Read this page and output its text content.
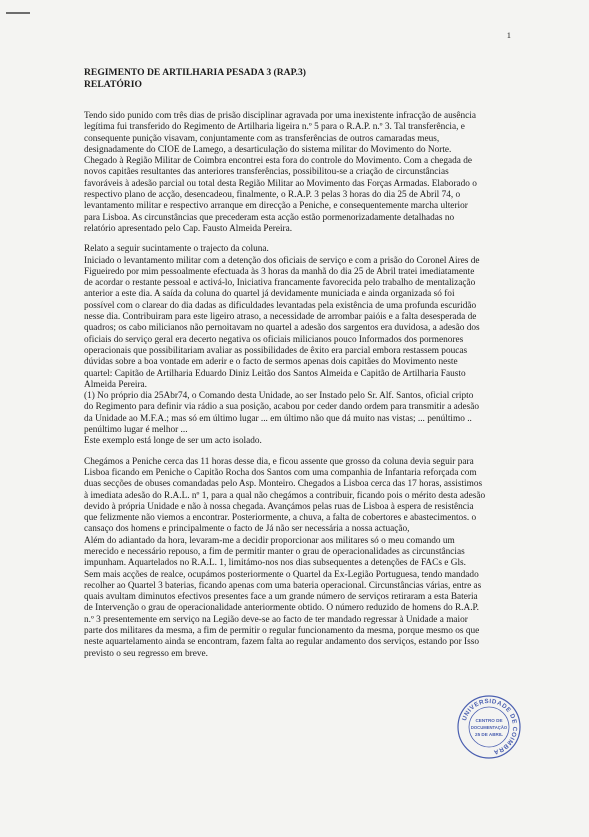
1
REGIMENTO DE ARTILHARIA PESADA 3 (RAP.3)
RELATÓRIO
Tendo sido punido com três dias de prisão disciplinar agravada por uma inexistente infracção de ausência
legítima fui transferido do Regimento de Artilharia ligeira n.º 5 para o R.A.P. n.º 3. Tal transferência, e
consequente punição visavam, conjuntamente com as transferências de outros camaradas meus,
designadamente do CIOE de Lamego, a desarticulação do sistema militar do Movimento do Norte.
Chegado à Região Militar de Coimbra encontrei esta fora do controle do Movimento. Com a chegada de
novos capitães resultantes das anteriores transferências, possibilitou-se a criação de circunstâncias
favoráveis à adesão parcial ou total desta Região Militar ao Movimento das Forças Armadas. Elaborado o
respectivo plano de acção, desencadeou, finalmente, o R.A.P. 3 pelas 3 horas do dia 25 de Abril 74, o
levantamento militar e respectivo arranque em direcção a Peniche, e consequentemente marcha ulterior
para Lisboa. As circunstâncias que precederam esta acção estão pormenorizadamente detalhadas no
relatório apresentado pelo Cap. Fausto Almeida Pereira.
Relato a seguir sucintamente o trajecto da coluna.
Iniciado o levantamento militar com a detenção dos oficiais de serviço e com a prisão do Coronel Aires de
Figueiredo por mim pessoalmente efectuada às 3 horas da manhã do dia 25 de Abril tratei imediatamente
de acordar o restante pessoal e activá-lo, Iniciativa francamente favorecida pelo trabalho de mentalização
anterior a este dia. A saída da coluna do quartel já devidamente municiada e ainda organizada só foi
possível com o clarear do dia dadas as dificuldades levantadas pela existência de uma profunda escuridão
nesse dia. Contribuiram para este ligeiro atraso, a necessidade de arrombar paióis e a falta desesperada de
quadros; os cabo milicianos não pernoitavam no quartel a adesão dos sargentos era duvidosa, a adesão dos
oficiais do serviço geral era decerto negativa os oficiais milicianos pouco Informados dos pormenores
operacionais que possibilitariam avaliar as possibilidades de êxito era parcial embora restassem poucas
dúvidas sobre a boa vontade em aderir e o facto de sermos apenas dois capitães do Movimento neste
quartel: Capitão de Artilharia Eduardo Diniz Leitão dos Santos Almeida e Capitão de Artilharia Fausto
Almeida Pereira.
(1) No próprio dia 25Abr74, o Comando desta Unidade, ao ser Instado pelo Sr. Alf. Santos, oficial cripto
do Regimento para definir via rádio a sua posição, acabou por ceder dando ordem para transmitir a adesão
da Unidade ao M.F.A.; mas só em último lugar ... em último não que dá muito nas vistas; ... penúltimo ..
penúltimo lugar é melhor ...
Este exemplo está longe de ser um acto isolado.
Chegámos a Peniche cerca das 11 horas desse dia, e ficou assente que grosso da coluna devia seguir para
Lisboa ficando em Peniche o Capitão Rocha dos Santos com uma companhia de Infantaria reforçada com
duas secções de obuses comandadas pelo Asp. Monteiro. Chegados a Lisboa cerca das 17 horas, assistimos
à imediata adesão do R.A.L. nº 1, para a qual não chegámos a contribuir, ficando pois o mérito desta adesão
devido à própria Unidade e não à nossa chegada. Avançámos pelas ruas de Lisboa à espera de resistência
que felizmente não viemos a encontrar. Posteriormente, a chuva, a falta de cobertores e abastecimentos. o
cansaço dos homens e principalmente o facto de Já não ser necessária a nossa actuação,
Além do adiantado da hora, levaram-me a decidir proporcionar aos militares só o meu comando um
merecido e necessário repouso, a fim de permitir manter o grau de operacionalidades as circunstâncias
impunham. Aquartelados no R.A.L. 1, limitámo-nos nos dias subsequentes a detenções de FACs e Gls.
Sem mais acções de realce, ocupámos posteriormente o Quartel da Ex-Legião Portuguesa, tendo mandado
recolher ao Quartel 3 baterias, ficando apenas com uma bateria operacional. Circunstâncias várias, entre as
quais avultam diminutos efectivos presentes face a um grande número de serviços retiraram a esta Bateria
de Intervenção o grau de operacionalidade anteriormente obtido. O número reduzido de homens do R.A.P.
n.º 3 presentemente em serviço na Legião deve-se ao facto de ter mandado regressar à Unidade a maior
parte dos militares da mesma, a fim de permitir o regular funcionamento da mesma, porque mesmo os que
neste aquartelamento ainda se encontram, fazem falta ao regular andamento dos serviços, estando por Isso
previsto o seu regresso em breve.
UNIVERSIDADE DE COIMBRA
CENTRO DE
DOCUMENTAÇÃO
25 DE ABRIL
